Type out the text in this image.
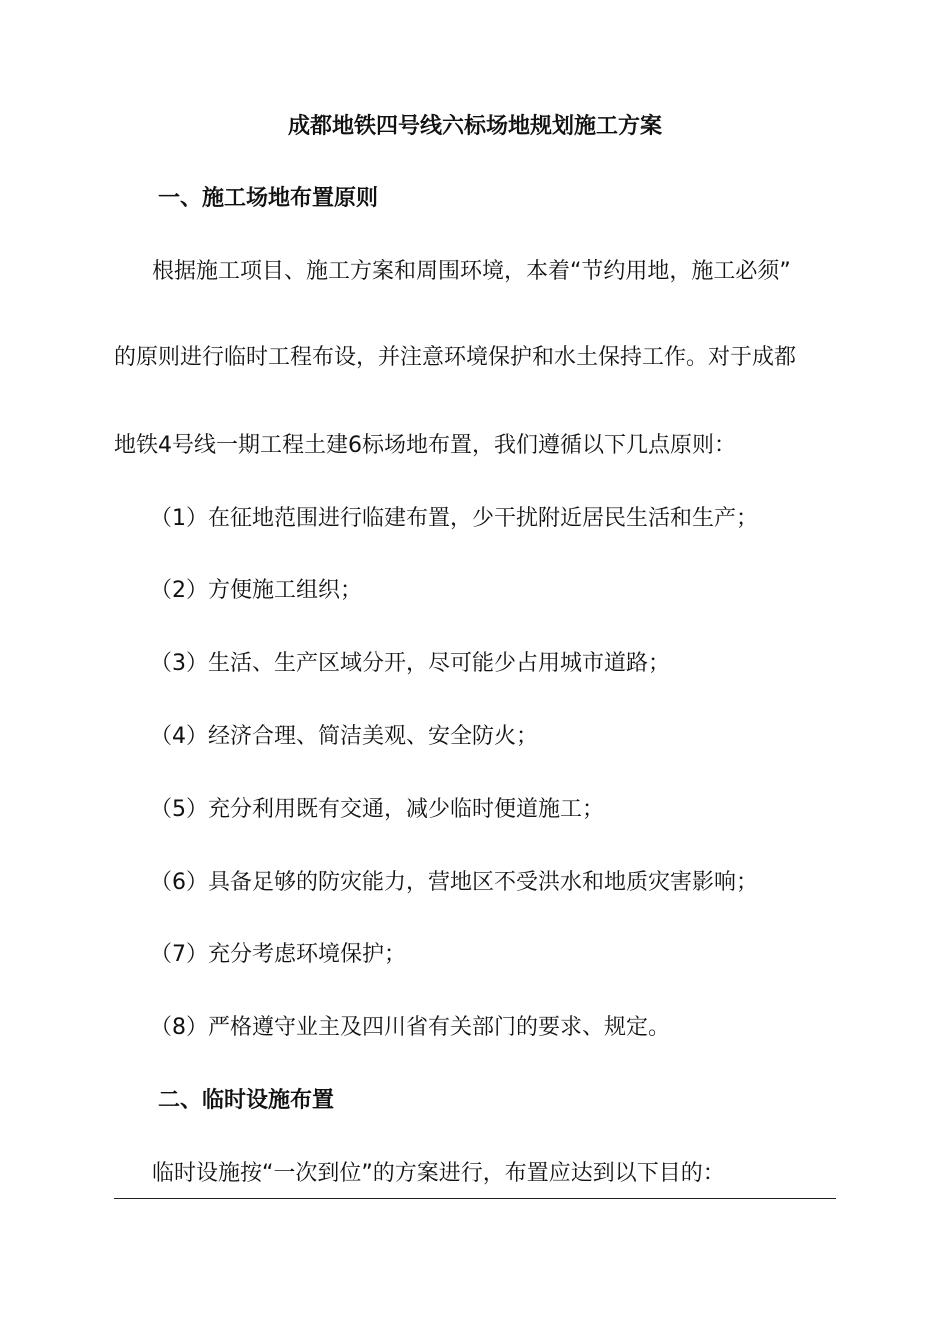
成都地铁四号线六标场地规划施工方案
一、施工场地布置原则
根据施工项目、施工方案和周围环境，本着“节约用地，施工必须”
的原则进行临时工程布设，并注意环境保护和水土保持工作。对于成都
地铁4号线一期工程土建6标场地布置，我们遵循以下几点原则：
（1）在征地范围进行临建布置，少干扰附近居民生活和生产；
（2）方便施工组织；
（3）生活、生产区域分开，尽可能少占用城市道路；
（4）经济合理、简洁美观、安全防火；
（5）充分利用既有交通，减少临时便道施工；
（6）具备足够的防灾能力，营地区不受洪水和地质灾害影响；
（7）充分考虑环境保护；
（8）严格遵守业主及四川省有关部门的要求、规定。
二、临时设施布置
临时设施按“一次到位”的方案进行，布置应达到以下目的：
